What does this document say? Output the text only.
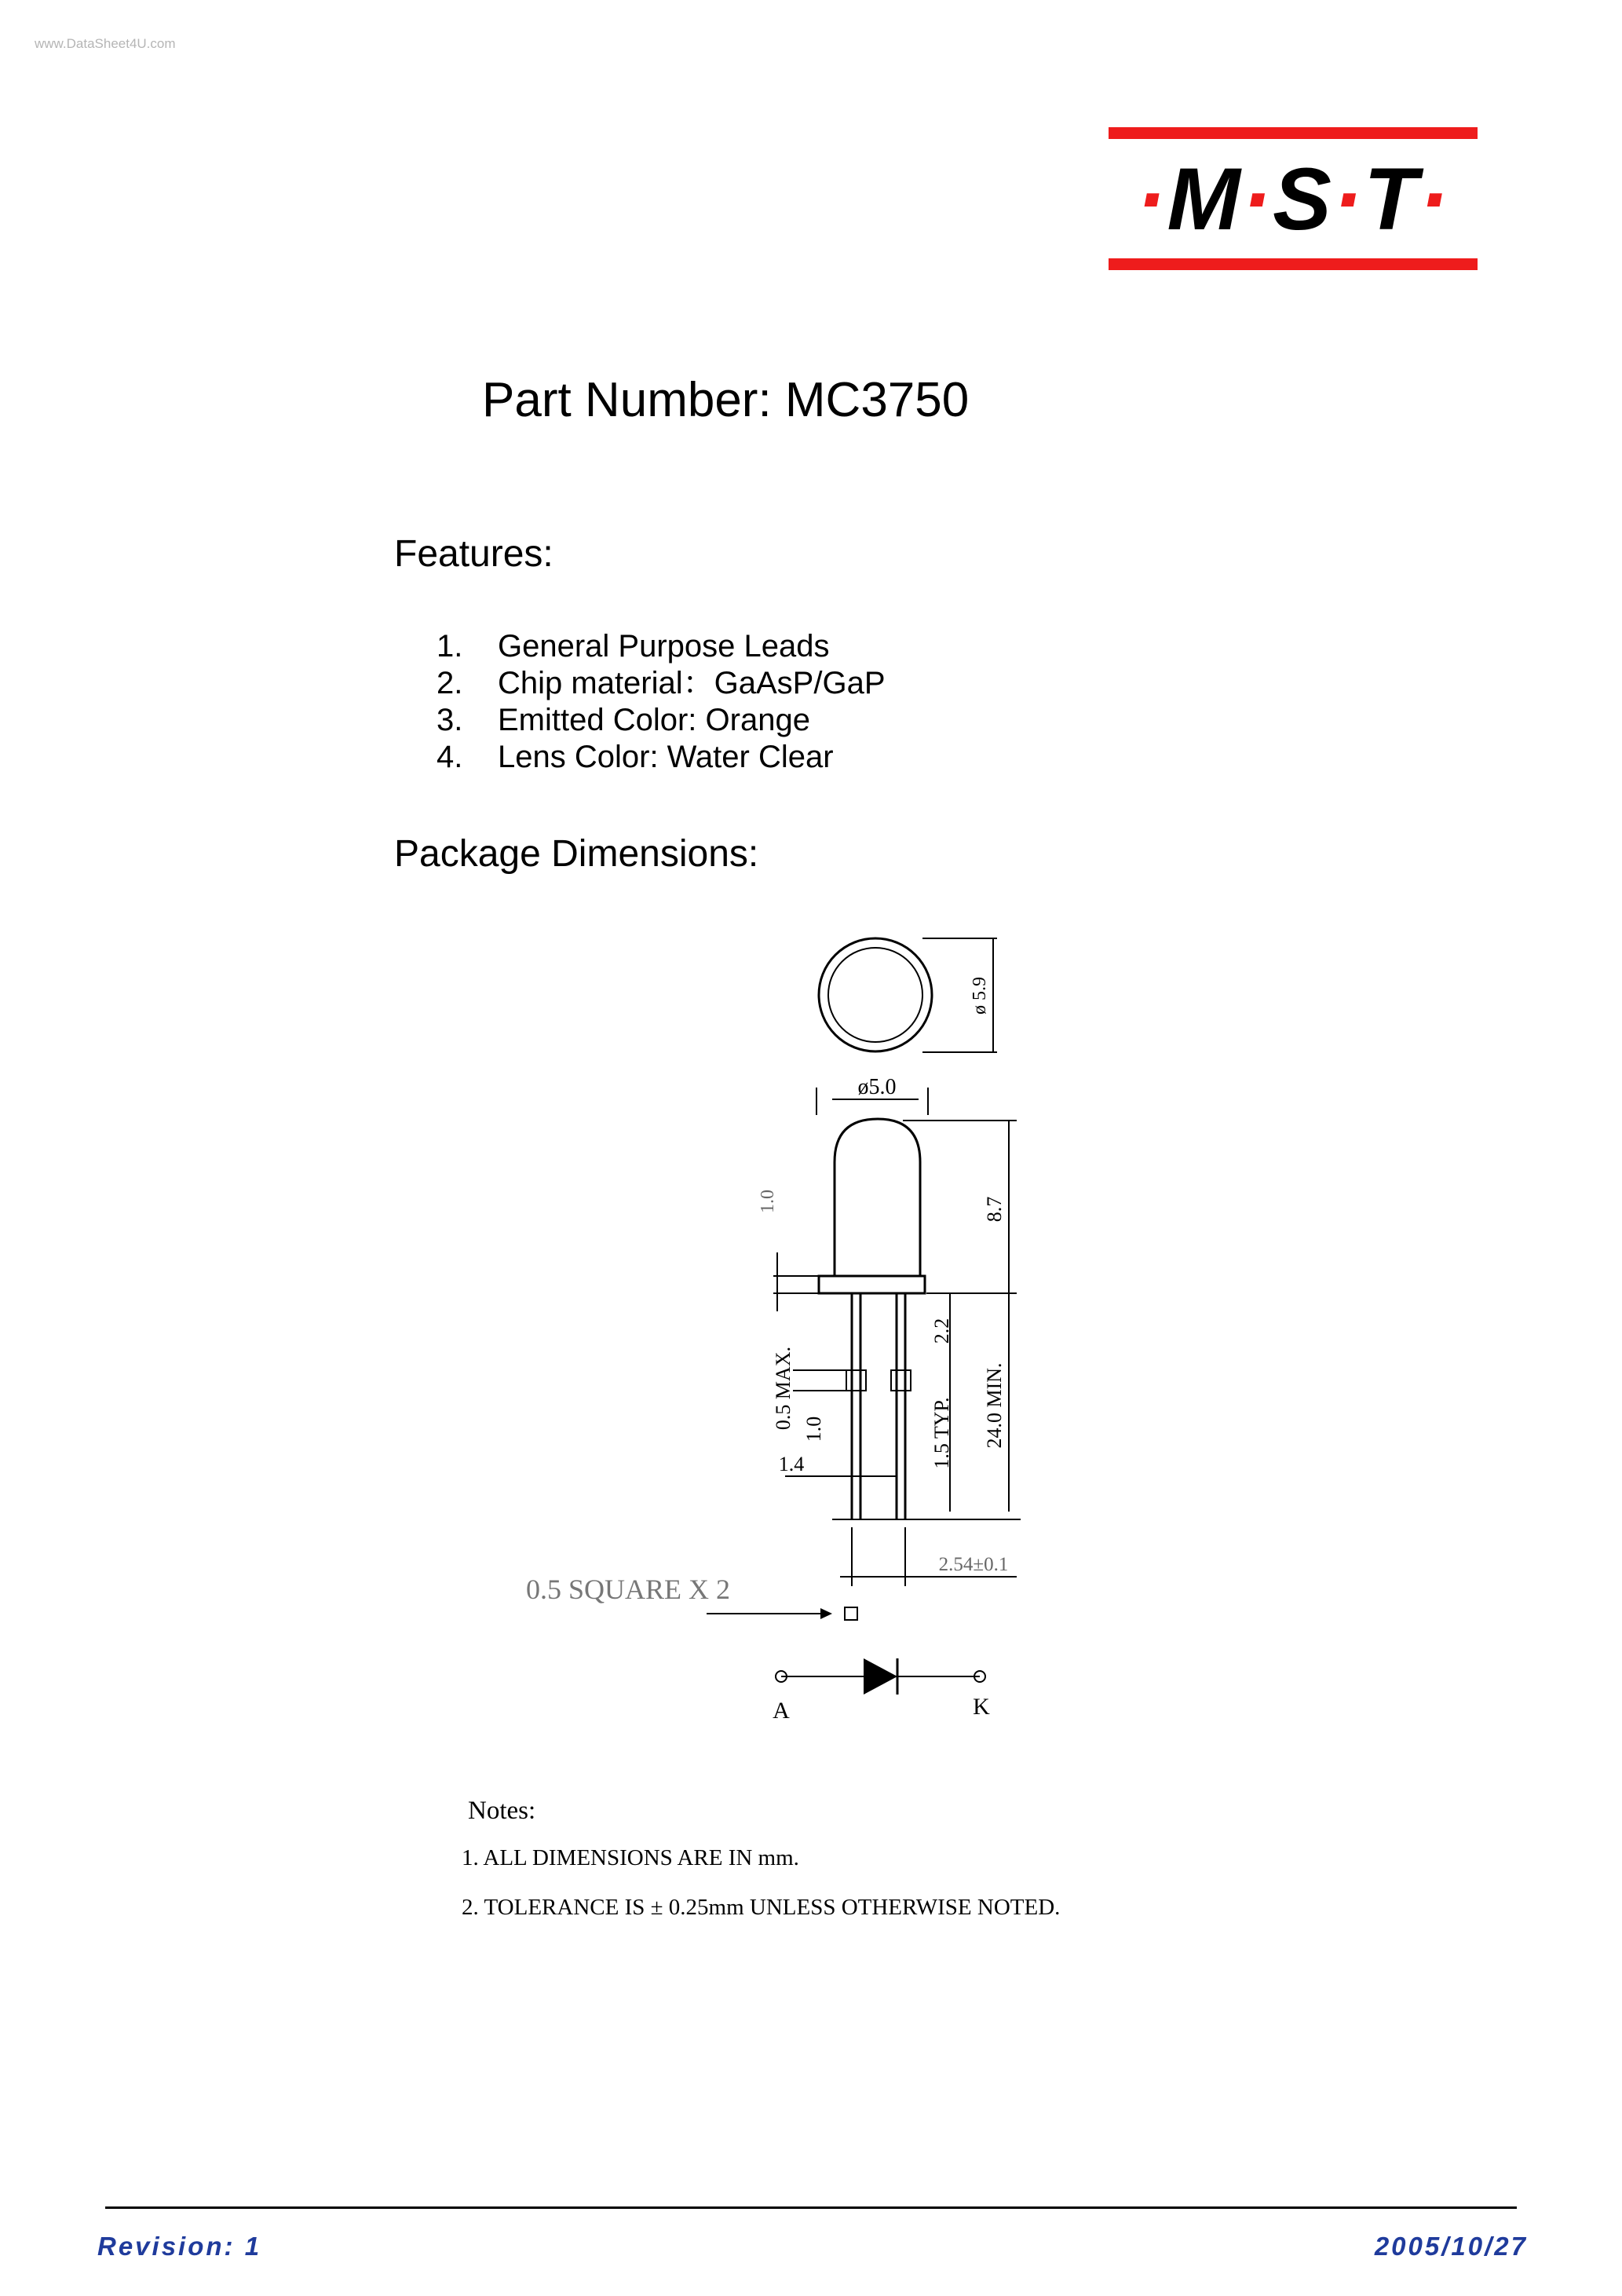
www.DataSheet4U.com
·M·S·T·
Part Number: MC3750
Features:
1. General Purpose Leads
2. Chip material：GaAsP/GaP
3. Emitted Color: Orange
4. Lens Color: Water Clear
Package Dimensions:
ø 5.9
ø5.0
8.7
1.0
2.2
0.5 MAX. 1.0	1.5 TYP. 24.0 MIN.
1.4
2.54±0.1
0.5 SQUARE X 2
A	K
Notes:
1. ALL DIMENSIONS ARE IN mm.
2. TOLERANCE IS ± 0.25mm UNLESS OTHERWISE NOTED.
Revision: 1	2005/10/27
